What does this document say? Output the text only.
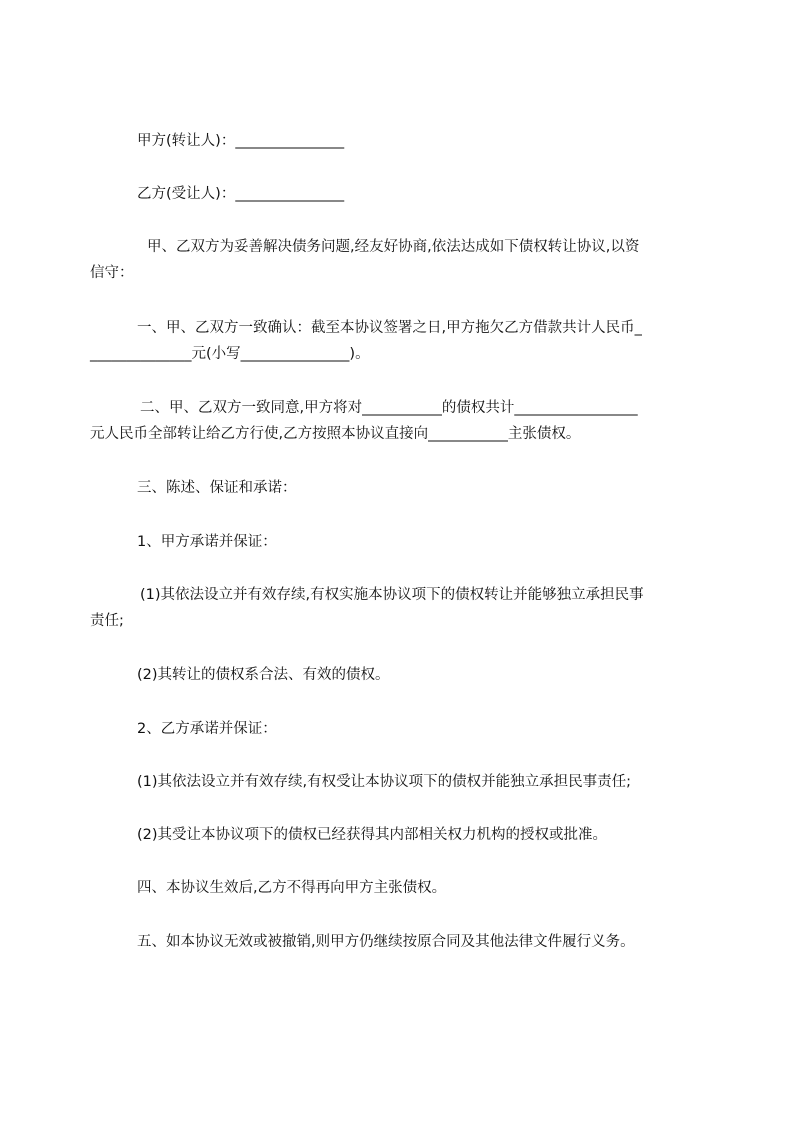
甲方(转让人)：_______________
乙方(受让人)：_______________
甲、乙双方为妥善解决债务问题,经友好协商,依法达成如下债权转让协议,以资
信守：
一、甲、乙双方一致确认：截至本协议签署之日,甲方拖欠乙方借款共计人民币_
______________元(小写_______________)。
二、甲、乙双方一致同意,甲方将对___________的债权共计_________________
元人民币全部转让给乙方行使,乙方按照本协议直接向___________主张债权。
三、陈述、保证和承诺：
1、甲方承诺并保证：
(1)其依法设立并有效存续,有权实施本协议项下的债权转让并能够独立承担民事
责任;
(2)其转让的债权系合法、有效的债权。
2、乙方承诺并保证：
(1)其依法设立并有效存续,有权受让本协议项下的债权并能独立承担民事责任;
(2)其受让本协议项下的债权已经获得其内部相关权力机构的授权或批准。
四、本协议生效后,乙方不得再向甲方主张债权。
五、如本协议无效或被撤销,则甲方仍继续按原合同及其他法律文件履行义务。
